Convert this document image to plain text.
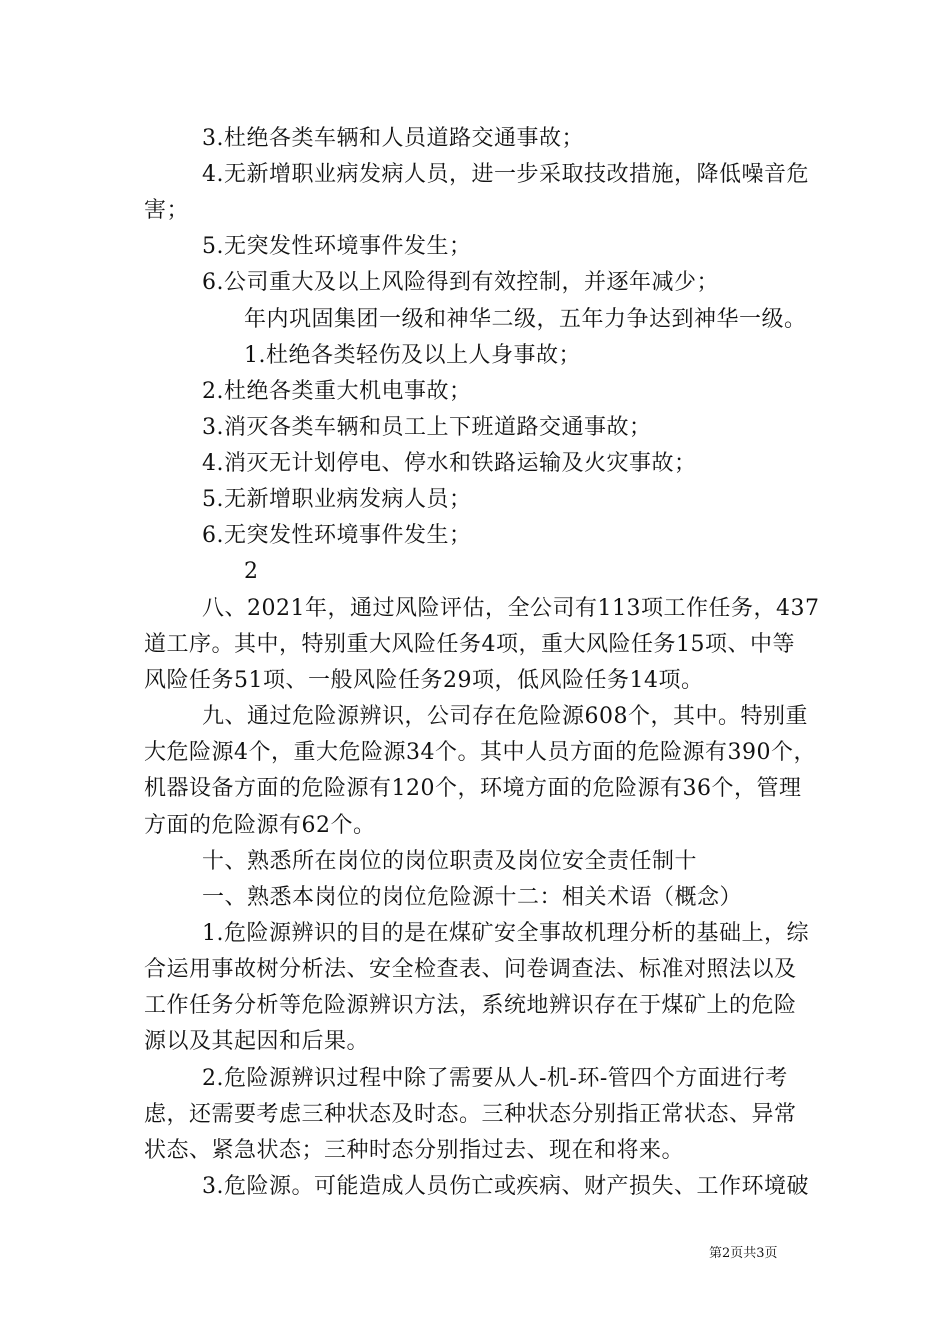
3.杜绝各类车辆和人员道路交通事故；
4.无新增职业病发病人员，进一步采取技改措施，降低噪音危
害；
5.无突发性环境事件发生；
6.公司重大及以上风险得到有效控制，并逐年减少；
年内巩固集团一级和神华二级，五年力争达到神华一级。
1.杜绝各类轻伤及以上人身事故；
2.杜绝各类重大机电事故；
3.消灭各类车辆和员工上下班道路交通事故；
4.消灭无计划停电、停水和铁路运输及火灾事故；
5.无新增职业病发病人员；
6.无突发性环境事件发生；
2
八、2021年，通过风险评估，全公司有113项工作任务，437
道工序。其中，特别重大风险任务4项，重大风险任务15项、中等
风险任务51项、一般风险任务29项，低风险任务14项。
九、通过危险源辨识，公司存在危险源608个，其中。特别重
大危险源4个，重大危险源34个。其中人员方面的危险源有390个，
机器设备方面的危险源有120个，环境方面的危险源有36个，管理
方面的危险源有62个。
十、熟悉所在岗位的岗位职责及岗位安全责任制十
一、熟悉本岗位的岗位危险源十二：相关术语（概念）
1.危险源辨识的目的是在煤矿安全事故机理分析的基础上，综
合运用事故树分析法、安全检查表、问卷调查法、标准对照法以及
工作任务分析等危险源辨识方法，系统地辨识存在于煤矿上的危险
源以及其起因和后果。
2.危险源辨识过程中除了需要从人-机-环-管四个方面进行考
虑，还需要考虑三种状态及时态。三种状态分别指正常状态、异常
状态、紧急状态；三种时态分别指过去、现在和将来。
3.危险源。可能造成人员伤亡或疾病、财产损失、工作环境破
第2页共3页
